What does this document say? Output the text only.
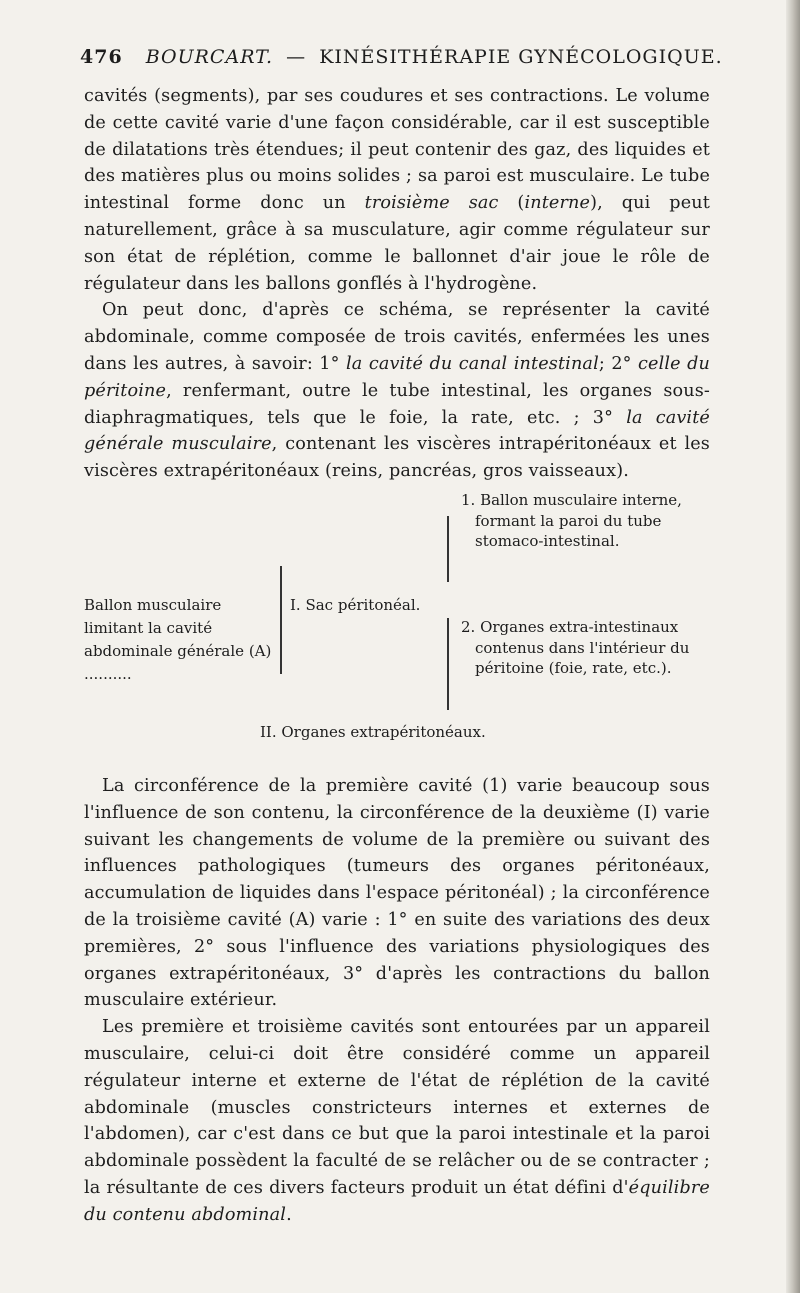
476 BOURCART. — KINÉSITHÉRAPIE GYNÉCOLOGIQUE.

cavités (segments), par ses coudures et ses contractions. Le volume de cette cavité varie d'une façon considérable, car il est susceptible de dilatations très étendues; il peut contenir des gaz, des liquides et des matières plus ou moins solides ; sa paroi est musculaire. Le tube intestinal forme donc un troisième sac (interne), qui peut naturellement, grâce à sa musculature, agir comme régulateur sur son état de réplétion, comme le ballonnet d'air joue le rôle de régulateur dans les ballons gonflés à l'hydrogène.

On peut donc, d'après ce schéma, se représenter la cavité abdominale, comme composée de trois cavités, enfermées les unes dans les autres, à savoir: 1° la cavité du canal intestinal; 2° celle du péritoine, renfermant, outre le tube intestinal, les organes sous-diaphragmatiques, tels que le foie, la rate, etc. ; 3° la cavité générale musculaire, contenant les viscères intrapéritonéaux et les viscères extrapéritonéaux (reins, pancréas, gros vaisseaux).

Ballon musculaire limitant la cavité abdominale générale (A) ..........
I. Sac péritonéal.
1. Ballon musculaire interne, formant la paroi du tube stomaco-intestinal.
2. Organes extra-intestinaux contenus dans l'intérieur du péritoine (foie, rate, etc.).
II. Organes extrapéritonéaux.

La circonférence de la première cavité (1) varie beaucoup sous l'influence de son contenu, la circonférence de la deuxième (I) varie suivant les changements de volume de la première ou suivant des influences pathologiques (tumeurs des organes péritonéaux, accumulation de liquides dans l'espace péritonéal) ; la circonférence de la troisième cavité (A) varie : 1° en suite des variations des deux premières, 2° sous l'influence des variations physiologiques des organes extrapéritonéaux, 3° d'après les contractions du ballon musculaire extérieur.

Les première et troisième cavités sont entourées par un appareil musculaire, celui-ci doit être considéré comme un appareil régulateur interne et externe de l'état de réplétion de la cavité abdominale (muscles constricteurs internes et externes de l'abdomen), car c'est dans ce but que la paroi intestinale et la paroi abdominale possèdent la faculté de se relâcher ou de se contracter ; la résultante de ces divers facteurs produit un état défini d'équilibre du contenu abdominal.
